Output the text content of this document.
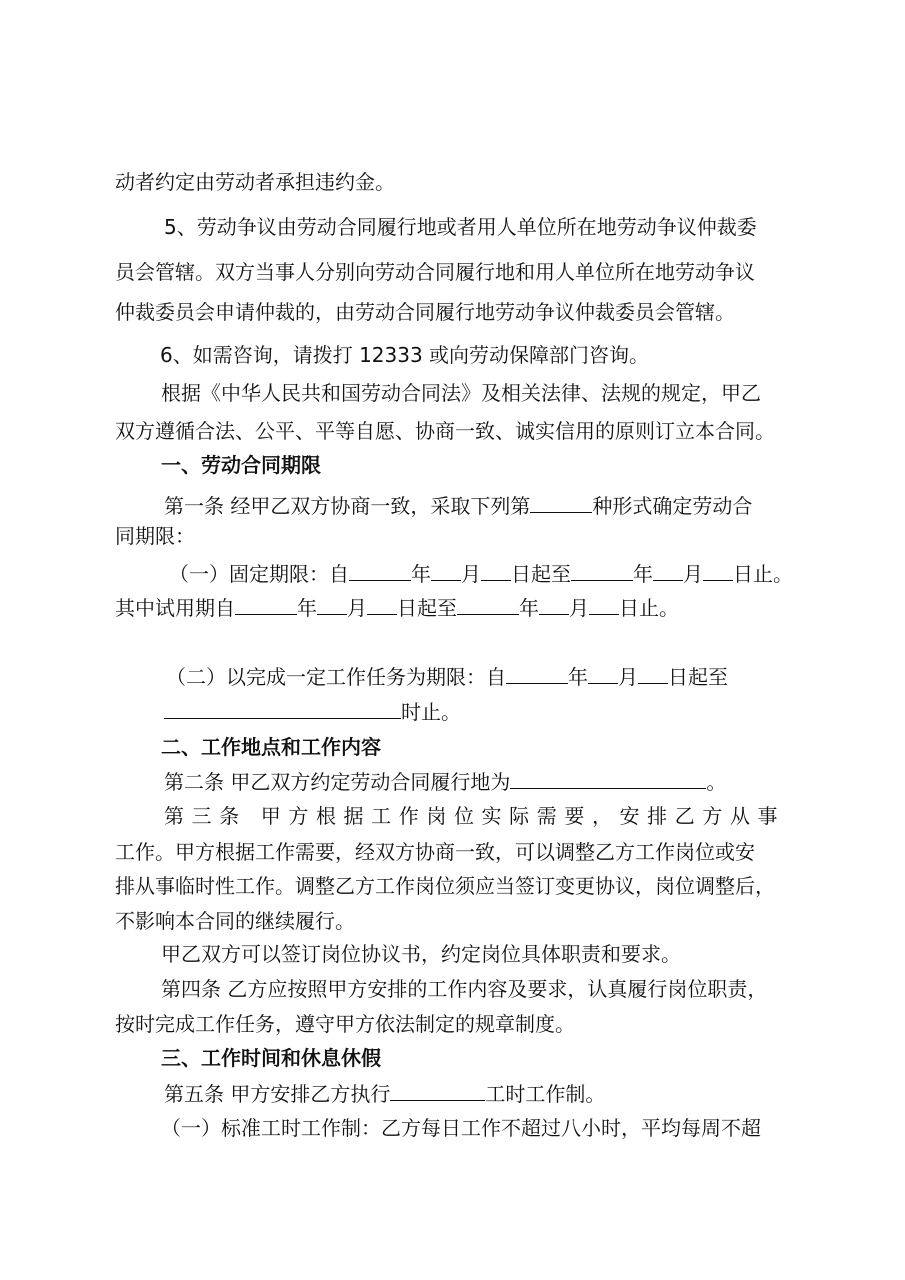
动者约定由劳动者承担违约金。
5、劳动争议由劳动合同履行地或者用人单位所在地劳动争议仲裁委
员会管辖。双方当事人分别向劳动合同履行地和用人单位所在地劳动争议
仲裁委员会申请仲裁的，由劳动合同履行地劳动争议仲裁委员会管辖。
6、如需咨询，请拨打 12333 或向劳动保障部门咨询。
根据《中华人民共和国劳动合同法》及相关法律、法规的规定，甲乙
双方遵循合法、公平、平等自愿、协商一致、诚实信用的原则订立本合同。
一、劳动合同期限
第一条 经甲乙双方协商一致，采取下列第	种形式确定劳动合
同期限：
（一）固定期限：自	年 月 日起至	年 月 日止。
其中试用期自	年 月 日起至	年 月 日止。
（二）以完成一定工作任务为期限：自	年 月 日起至
时止。
二、工作地点和工作内容
第二条 甲乙双方约定劳动合同履行地为	。
第三条 甲方根据工作岗位实际需要，安排乙方从事
工作。甲方根据工作需要，经双方协商一致，可以调整乙方工作岗位或安
排从事临时性工作。调整乙方工作岗位须应当签订变更协议，岗位调整后，
不影响本合同的继续履行。
甲乙双方可以签订岗位协议书，约定岗位具体职责和要求。
第四条 乙方应按照甲方安排的工作内容及要求，认真履行岗位职责，
按时完成工作任务，遵守甲方依法制定的规章制度。
三、工作时间和休息休假
第五条 甲方安排乙方执行	工时工作制。
（一）标准工时工作制：乙方每日工作不超过八小时，平均每周不超
